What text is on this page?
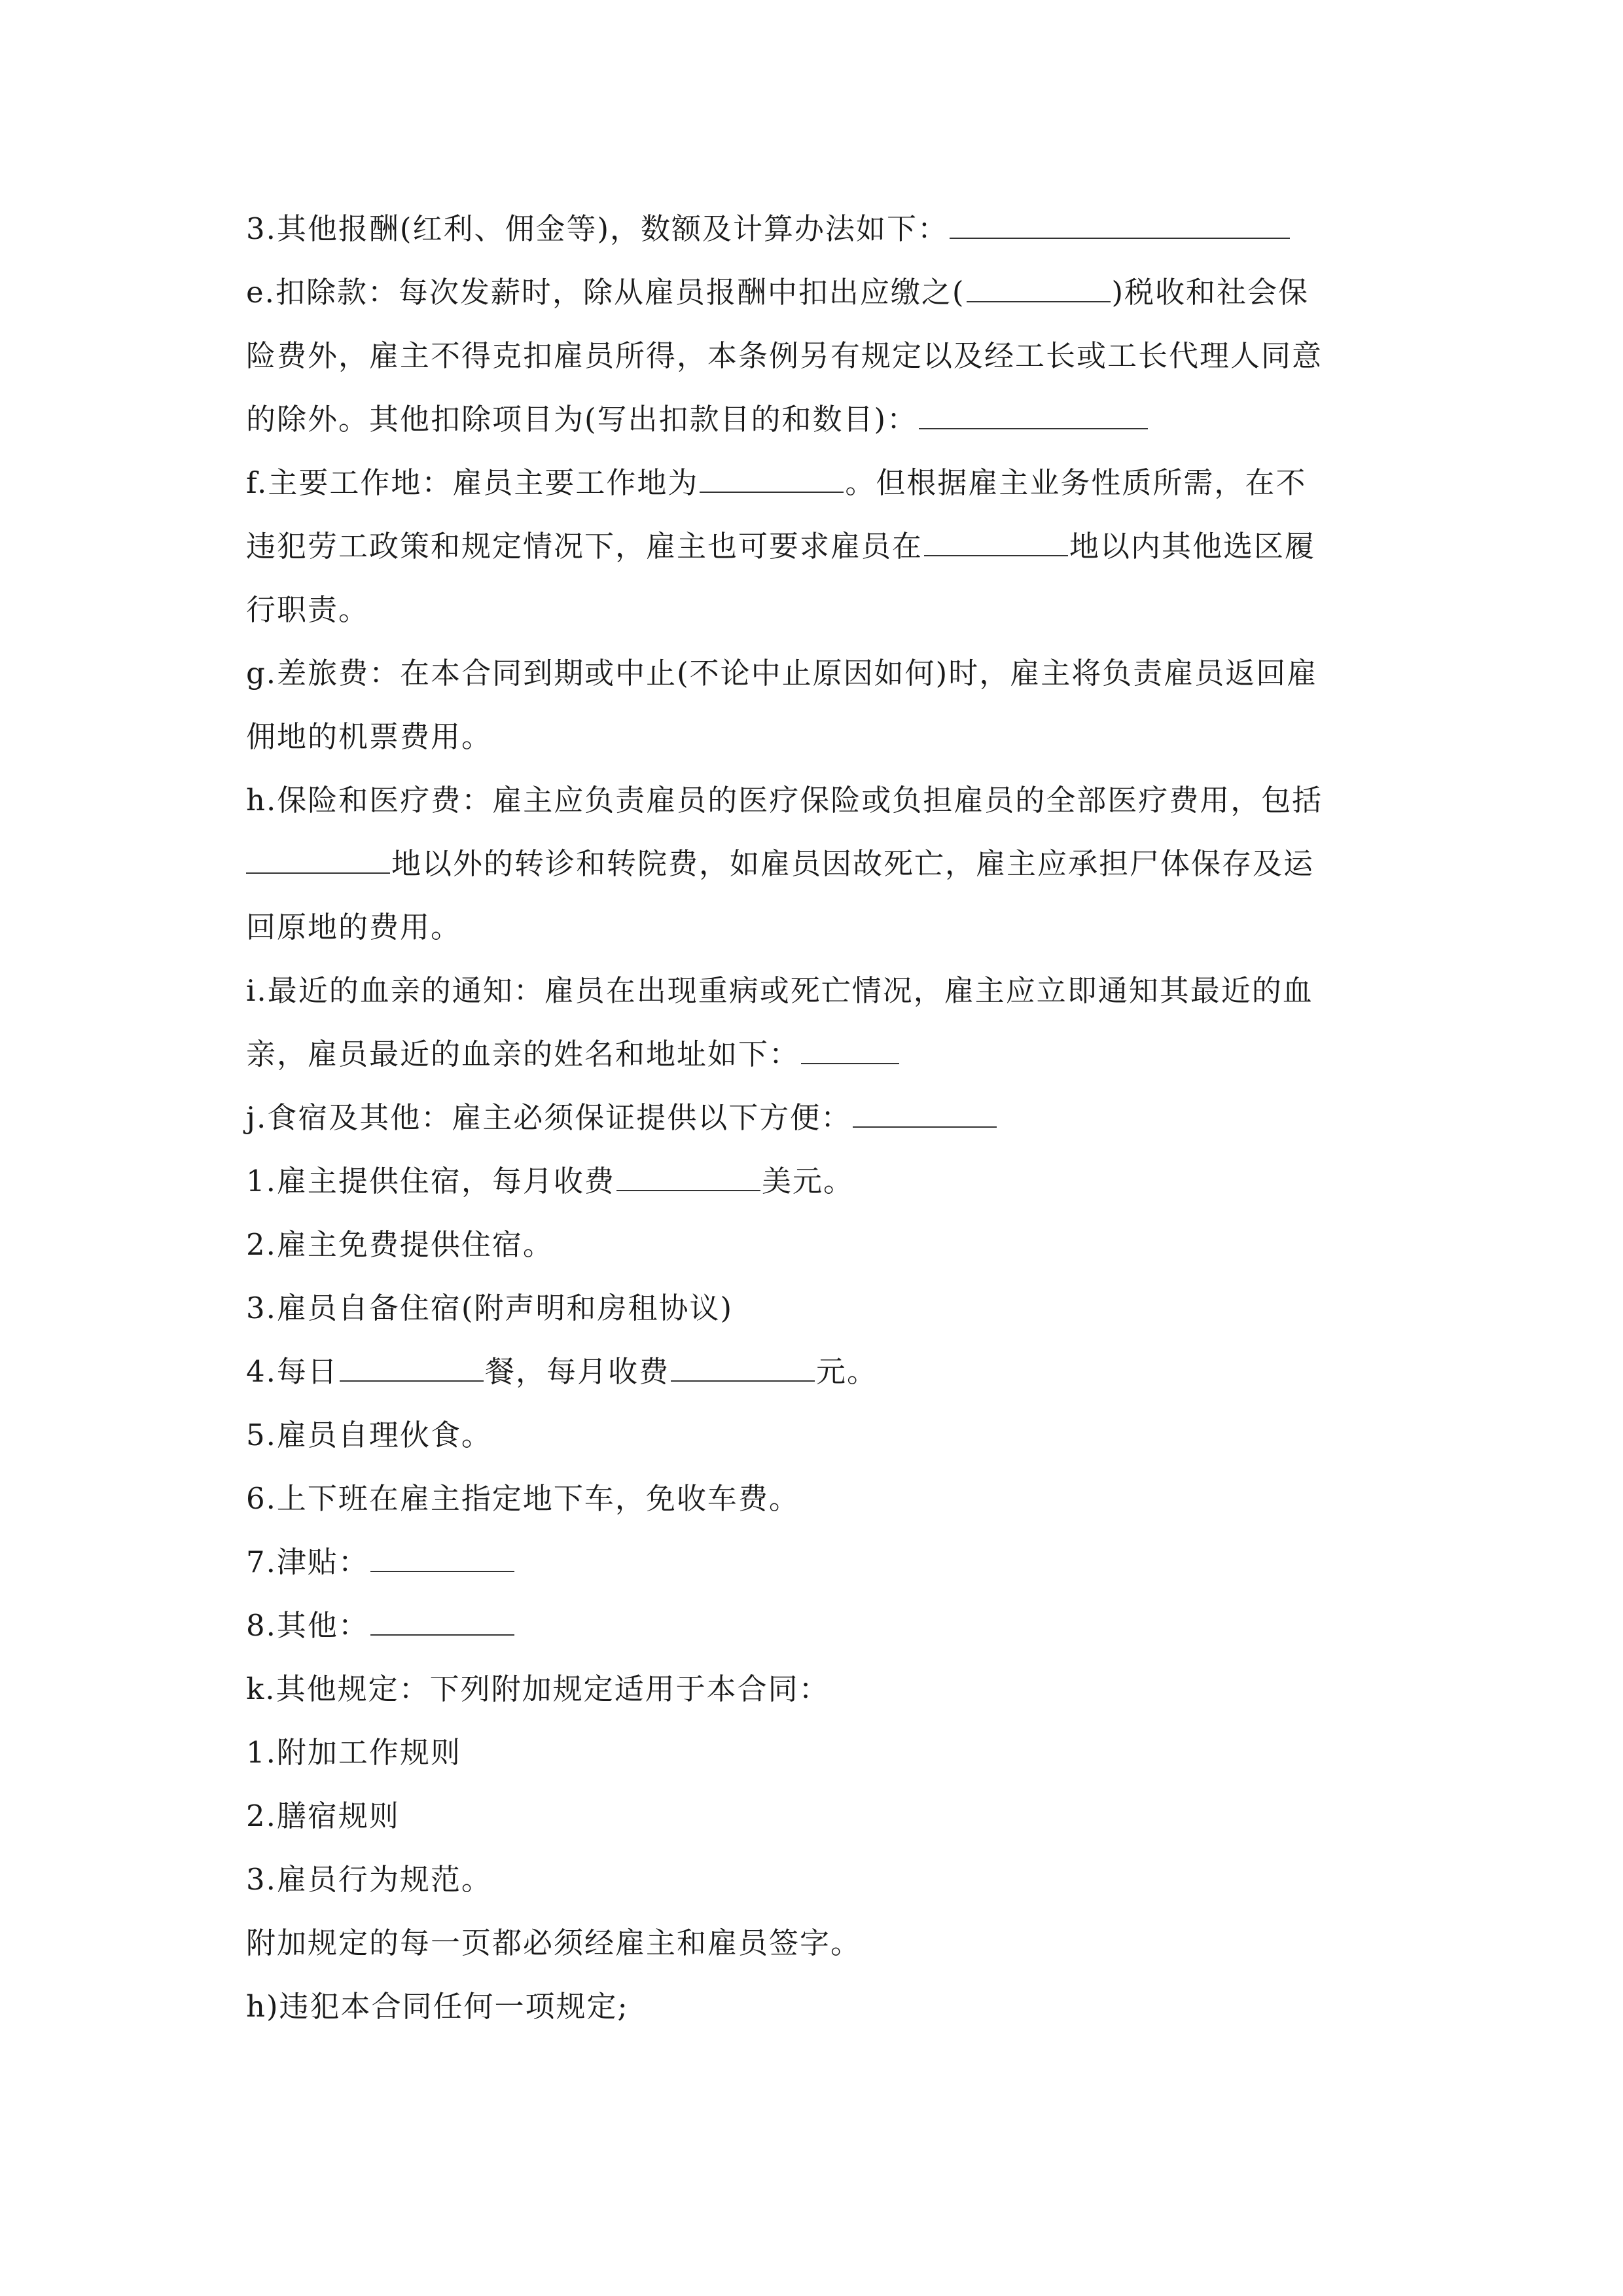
3.其他报酬(红利、佣金等)，数额及计算办法如下：
e.扣除款：每次发薪时，除从雇员报酬中扣出应缴之(	)税收和社会保
险费外，雇主不得克扣雇员所得，本条例另有规定以及经工长或工长代理人同意
的除外。其他扣除项目为(写出扣款目的和数目)：
f.主要工作地：雇员主要工作地为	。但根据雇主业务性质所需，在不
违犯劳工政策和规定情况下，雇主也可要求雇员在	地以内其他选区履
行职责。
g.差旅费：在本合同到期或中止(不论中止原因如何)时，雇主将负责雇员返回雇
佣地的机票费用。
h.保险和医疗费：雇主应负责雇员的医疗保险或负担雇员的全部医疗费用，包括
地以外的转诊和转院费，如雇员因故死亡，雇主应承担尸体保存及运
回原地的费用。
i.最近的血亲的通知：雇员在出现重病或死亡情况，雇主应立即通知其最近的血
亲，雇员最近的血亲的姓名和地址如下：
j.食宿及其他：雇主必须保证提供以下方便：
1.雇主提供住宿，每月收费	美元。
2.雇主免费提供住宿。
3.雇员自备住宿(附声明和房租协议)
4.每日	餐，每月收费	元。
5.雇员自理伙食。
6.上下班在雇主指定地下车，免收车费。
7.津贴：
8.其他：
k.其他规定：下列附加规定适用于本合同：
1.附加工作规则
2.膳宿规则
3.雇员行为规范。
附加规定的每一页都必须经雇主和雇员签字。
h)违犯本合同任何一项规定;
